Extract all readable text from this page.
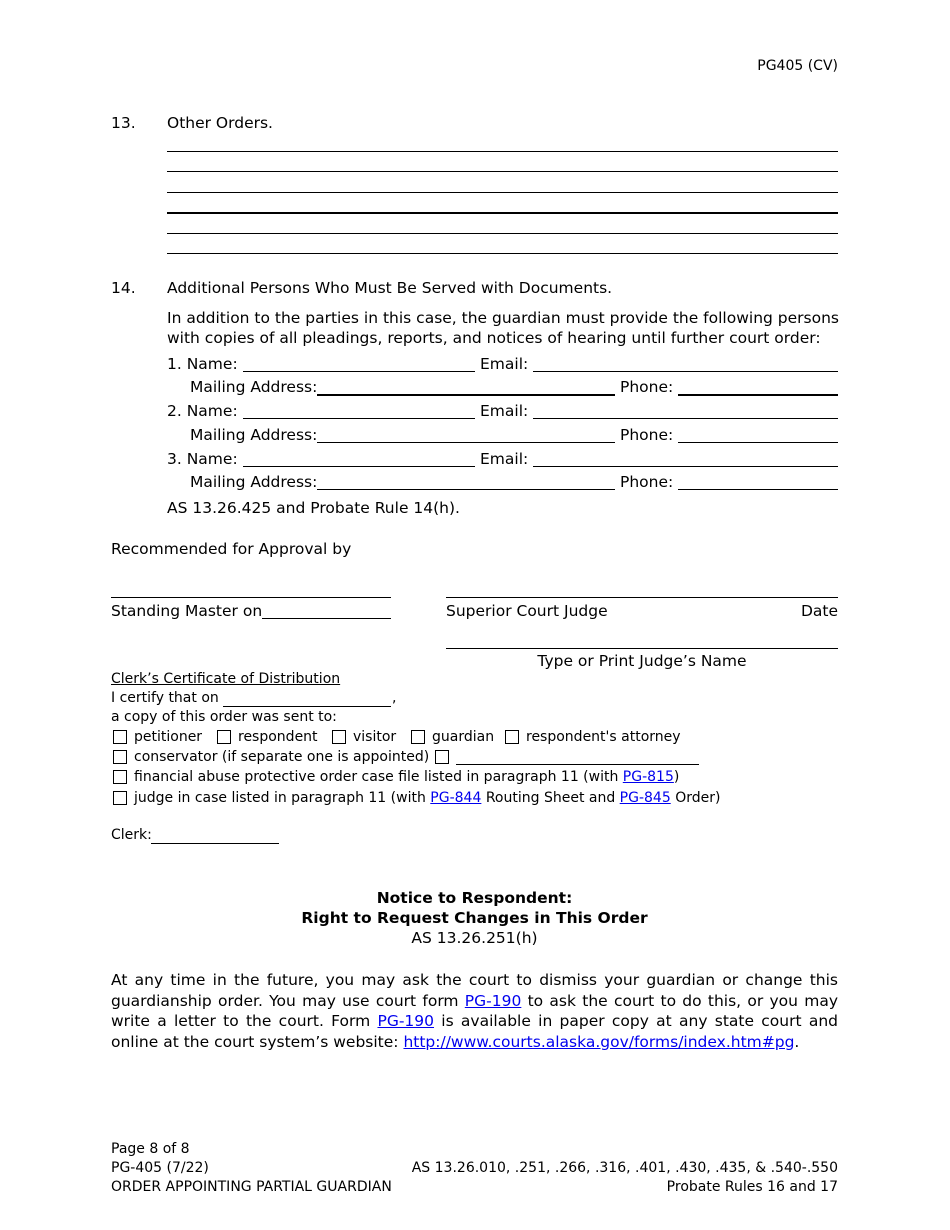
PG405 (CV)
13. Other Orders.
14. Additional Persons Who Must Be Served with Documents.
In addition to the parties in this case, the guardian must provide the following persons
with copies of all pleadings, reports, and notices of hearing until further court order:
1. Name:	Email:
Mailing Address:	Phone:
2. Name:	Email:
Mailing Address:	Phone:
3. Name:	Email:
Mailing Address:	Phone:
AS 13.26.425 and Probate Rule 14(h).
Recommended for Approval by
Standing Master on	Superior Court Judge	Date
Type or Print Judge’s Name
Clerk’s Certificate of Distribution
I certify that on	,
a copy of this order was sent to:
petitioner	respondent	visitor	guardian respondent's attorney
conservator (if separate one is appointed)
financial abuse protective order case file listed in paragraph 11 (with PG-815)
judge in case listed in paragraph 11 (with PG-844 Routing Sheet and PG-845 Order)
Clerk:
Notice to Respondent:
Right to Request Changes in This Order
AS 13.26.251(h)
At any time in the future, you may ask the court to dismiss your guardian or change this guardianship order. You may use court form PG-190 to ask the court to do this, or you may write a letter to the court. Form PG-190 is available in paper copy at any state court and online at the court system’s website: http://www.courts.alaska.gov/forms/index.htm#pg.
Page 8 of 8
PG-405 (7/22)
ORDER APPOINTING PARTIAL GUARDIAN
AS 13.26.010, .251, .266, .316, .401, .430, .435, & .540-.550
Probate Rules 16 and 17
